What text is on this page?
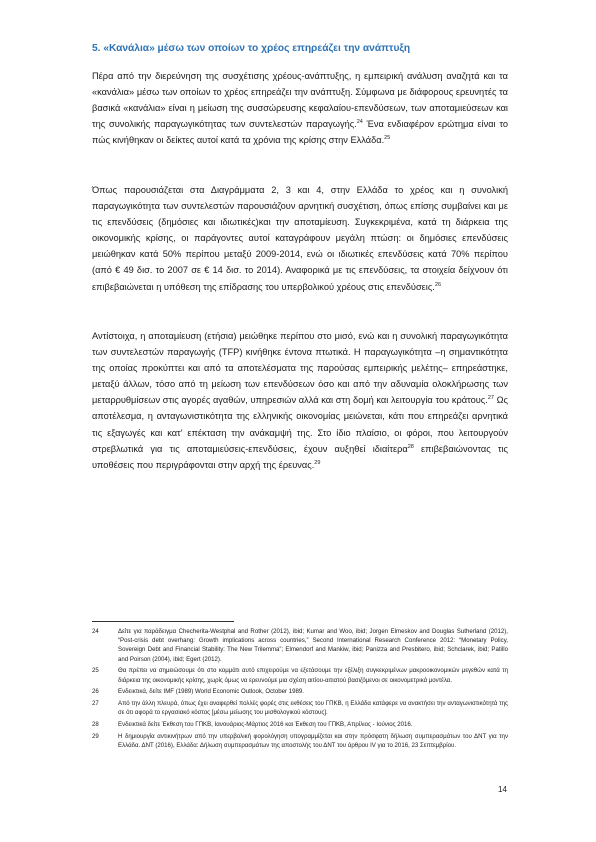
5. «Κανάλια» μέσω των οποίων το χρέος επηρεάζει την ανάπτυξη

Πέρα από την διερεύνηση της συσχέτισης χρέους-ανάπτυξης, η εμπειρική ανάλυση αναζητά και τα «κανάλια» μέσω των οποίων το χρέος επηρεάζει την ανάπτυξη. Σύμφωνα με διάφορους ερευνητές τα βασικά «κανάλια» είναι η μείωση της συσσώρευσης κεφαλαίου-επενδύσεων, των αποταμιεύσεων και της συνολικής παραγωγικότητας των συντελεστών παραγωγής.$^{24}$ Ένα ενδιαφέρον ερώτημα είναι το πώς κινήθηκαν οι δείκτες αυτοί κατά τα χρόνια της κρίσης στην Ελλάδα.$^{25}$

Όπως παρουσιάζεται στα Διαγράμματα 2, 3 και 4, στην Ελλάδα το χρέος και η συνολική παραγωγικότητα των συντελεστών παρουσιάζουν αρνητική συσχέτιση, όπως επίσης συμβαίνει και με τις επενδύσεις (δημόσιες και ιδιωτικές)και την αποταμίευση. Συγκεκριμένα, κατά τη διάρκεια της οικονομικής κρίσης, οι παράγοντες αυτοί καταγράφουν μεγάλη πτώση: οι δημόσιες επενδύσεις μειώθηκαν κατά 50% περίπου μεταξύ 2009-2014, ενώ οι ιδιωτικές επενδύσεις κατά 70% περίπου (από € 49 δισ. το 2007 σε € 14 δισ. το 2014). Αναφορικά με τις επενδύσεις, τα στοιχεία δείχνουν ότι επιβεβαιώνεται η υπόθεση της επίδρασης του υπερβολικού χρέους στις επενδύσεις.$^{26}$

Αντίστοιχα, η αποταμίευση (ετήσια) μειώθηκε περίπου στο μισό, ενώ και η συνολική παραγωγικότητα των συντελεστών παραγωγής (TFP) κινήθηκε έντονα πτωτικά. Η παραγωγικότητα –η σημαντικότητα της οποίας προκύπτει και από τα αποτελέσματα της παρούσας εμπειρικής μελέτης– επηρεάστηκε, μεταξύ άλλων, τόσο από τη μείωση των επενδύσεων όσο και από την αδυναμία ολοκλήρωσης των μεταρρυθμίσεων στις αγορές αγαθών, υπηρεσιών αλλά και στη δομή και λειτουργία του κράτους.$^{27}$ Ως αποτέλεσμα, η ανταγωνιστικότητα της ελληνικής οικονομίας μειώνεται, κάτι που επηρεάζει αρνητικά τις εξαγωγές και κατ' επέκταση την ανάκαμψή της. Στο ίδιο πλαίσιο, οι φόροι, που λειτουργούν στρεβλωτικά για τις αποταμιεύσεις-επενδύσεις, έχουν αυξηθεί ιδιαίτερα$^{28}$ επιβεβαιώνοντας τις υποθέσεις που περιγράφονται στην αρχή της έρευνας.$^{29}$

24	Δείτε για παράδειγμα Checherita-Westphal and Rother (2012), ibid; Kumar and Woo, ibid; Jorgen Elmeskov and Douglas Sutherland (2012), “Post-crisis debt overhang: Growth implications across countries,” Second International Research Conference 2012: “Monetary Policy, Sovereign Debt and Financial Stability: The New Trilemma”; Elmendorf and Mankiw, ibid; Panizza and Presbitero, ibid; Schclarek, ibid; Patillo and Poirson (2004), ibid; Egert (2012).
25	Θα πρέπει να σημειώσουμε ότι στο κομμάτι αυτό επιχειρούμε να εξετάσουμε την εξέλιξη συγκεκριμένων μακροοικονομικών μεγεθών κατά τη διάρκεια της οικονομικής κρίσης, χωρίς όμως να ερευνούμε μια σχέση αιτίου-αιτιατού βασιζόμενοι σε οικονομετρικά μοντέλα.
26	Ενδεικτικά, δείτε IMF (1989) World Economic Outlook, October 1989.
27	Από την άλλη πλευρά, όπως έχει αναφερθεί πολλές φορές στις εκθέσεις του ΓΠΚΒ, η Ελλάδα κατάφερε να ανακτήσει την ανταγωνιστικότητά της σε ότι αφορά το εργασιακό κόστος [μέσω μείωσης του μισθολογικού κόστους].
28	Ενδεικτικά δείτε Έκθεση του ΓΠΚΒ, Ιανουάριος-Μάρτιος 2016 και Έκθεση του ΓΠΚΒ, Απρίλιος - Ιούνιος 2016.
29	Η δημιουργία αντικινήτρων από την υπερβολική φορολόγηση υπογραμμίζεται και στην πρόσφατη δήλωση συμπερασμάτων του ΔΝΤ για την Ελλάδα. ΔΝΤ (2016), Ελλάδα: Δήλωση συμπερασμάτων της αποστολής του ΔΝΤ του άρθρου IV για το 2016, 23 Σεπτεμβρίου.
14
